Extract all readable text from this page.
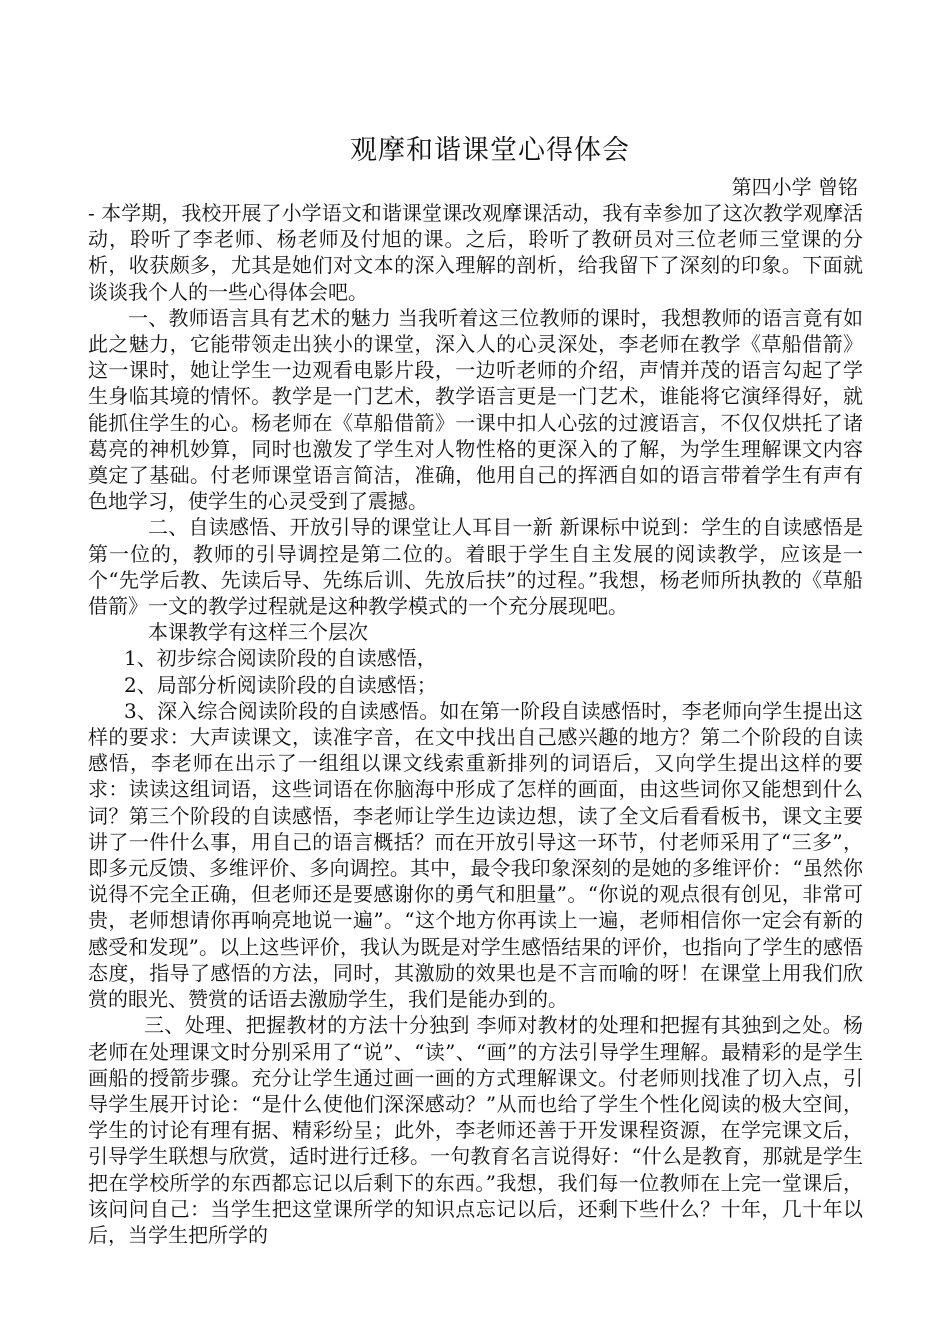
观摩和谐课堂心得体会
第四小学 曾铭

- 本学期，我校开展了小学语文和谐课堂课改观摩课活动，我有幸参加了这次教学观摩活动，聆听了李老师、杨老师及付旭的课。之后，聆听了教研员对三位老师三堂课的分析，收获颇多，尤其是她们对文本的深入理解的剖析，给我留下了深刻的印象。下面就谈谈我个人的一些心得体会吧。

一、教师语言具有艺术的魅力 当我听着这三位教师的课时，我想教师的语言竟有如此之魅力，它能带领走出狭小的课堂，深入人的心灵深处，李老师在教学《草船借箭》这一课时，她让学生一边观看电影片段，一边听老师的介绍，声情并茂的语言勾起了学生身临其境的情怀。教学是一门艺术，教学语言更是一门艺术，谁能将它演绎得好，就能抓住学生的心。杨老师在《草船借箭》一课中扣人心弦的过渡语言，不仅仅烘托了诸葛亮的神机妙算，同时也激发了学生对人物性格的更深入的了解，为学生理解课文内容奠定了基础。付老师课堂语言简洁，准确，他用自己的挥洒自如的语言带着学生有声有色地学习，使学生的心灵受到了震撼。

二、自读感悟、开放引导的课堂让人耳目一新 新课标中说到：学生的自读感悟是第一位的，教师的引导调控是第二位的。着眼于学生自主发展的阅读教学，应该是一个“先学后教、先读后导、先练后训、先放后扶”的过程。”我想，杨老师所执教的《草船借箭》一文的教学过程就是这种教学模式的一个充分展现吧。

本课教学有这样三个层次

1、初步综合阅读阶段的自读感悟，

2、局部分析阅读阶段的自读感悟；

3、深入综合阅读阶段的自读感悟。如在第一阶段自读感悟时，李老师向学生提出这样的要求：大声读课文，读准字音，在文中找出自己感兴趣的地方？第二个阶段的自读感悟，李老师在出示了一组组以课文线索重新排列的词语后，又向学生提出这样的要求：读读这组词语，这些词语在你脑海中形成了怎样的画面，由这些词你又能想到什么词？第三个阶段的自读感悟，李老师让学生边读边想，读了全文后看看板书，课文主要讲了一件什么事，用自己的语言概括？而在开放引导这一环节，付老师采用了“三多”，即多元反馈、多维评价、多向调控。其中，最令我印象深刻的是她的多维评价：“虽然你说得不完全正确，但老师还是要感谢你的勇气和胆量”。“你说的观点很有创见，非常可贵，老师想请你再响亮地说一遍”。“这个地方你再读上一遍，老师相信你一定会有新的感受和发现”。以上这些评价，我认为既是对学生感悟结果的评价，也指向了学生的感悟态度，指导了感悟的方法，同时，其激励的效果也是不言而喻的呀！在课堂上用我们欣赏的眼光、赞赏的话语去激励学生，我们是能办到的。

三、处理、把握教材的方法十分独到 李师对教材的处理和把握有其独到之处。杨老师在处理课文时分别采用了“说”、“读”、“画”的方法引导学生理解。最精彩的是学生画船的授箭步骤。充分让学生通过画一画的方式理解课文。付老师则找准了切入点，引导学生展开讨论：“是什么使他们深深感动？”从而也给了学生个性化阅读的极大空间，学生的讨论有理有据、精彩纷呈；此外，李老师还善于开发课程资源，在学完课文后，引导学生联想与欣赏，适时进行迁移。一句教育名言说得好：“什么是教育，那就是学生把在学校所学的东西都忘记以后剩下的东西。”我想，我们每一位教师在上完一堂课后，该问问自己：当学生把这堂课所学的知识点忘记以后，还剩下些什么？十年，几十年以后，当学生把所学的
